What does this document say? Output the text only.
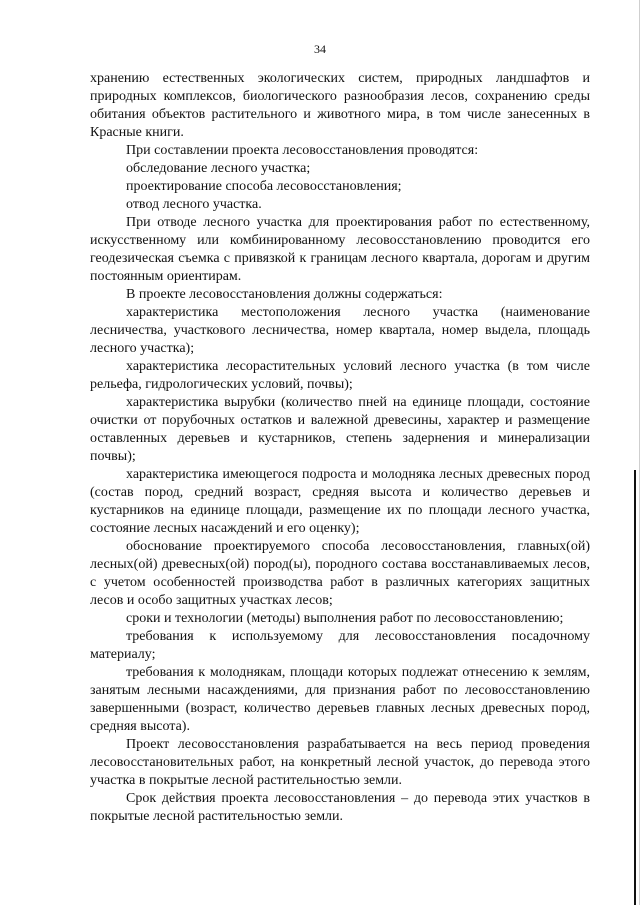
34

хранению естественных экологических систем, природных ландшафтов и природных комплексов, биологического разнообразия лесов, сохранению среды обитания объектов растительного и животного мира, в том числе занесенных в Красные книги.

При составлении проекта лесовосстановления проводятся:

обследование лесного участка;

проектирование способа лесовосстановления;

отвод лесного участка.

При отводе лесного участка для проектирования работ по естественному, искусственному или комбинированному лесовосстановлению проводится его геодезическая съемка с привязкой к границам лесного квартала, дорогам и другим постоянным ориентирам.

В проекте лесовосстановления должны содержаться:

характеристика местоположения лесного участка (наименование лесничества, участкового лесничества, номер квартала, номер выдела, площадь лесного участка);

характеристика лесорастительных условий лесного участка (в том числе рельефа, гидрологических условий, почвы);

характеристика вырубки (количество пней на единице площади, состояние очистки от порубочных остатков и валежной древесины, характер и размещение оставленных деревьев и кустарников, степень задернения и минерализации почвы);

характеристика имеющегося подроста и молодняка лесных древесных пород (состав пород, средний возраст, средняя высота и количество деревьев и кустарников на единице площади, размещение их по площади лесного участка, состояние лесных насаждений и его оценку);

обоснование проектируемого способа лесовосстановления, главных(ой) лесных(ой) древесных(ой) пород(ы), породного состава восстанавливаемых лесов, с учетом особенностей производства работ в различных категориях защитных лесов и особо защитных участках лесов;

сроки и технологии (методы) выполнения работ по лесовосстановлению;

требования к используемому для лесовосстановления посадочному материалу;

требования к молоднякам, площади которых подлежат отнесению к землям, занятым лесными насаждениями, для признания работ по лесовосстановлению завершенными (возраст, количество деревьев главных лесных древесных пород, средняя высота).

Проект лесовосстановления разрабатывается на весь период проведения лесовосстановительных работ, на конкретный лесной участок, до перевода этого участка в покрытые лесной растительностью земли.

Срок действия проекта лесовосстановления – до перевода этих участков в покрытые лесной растительностью земли.
